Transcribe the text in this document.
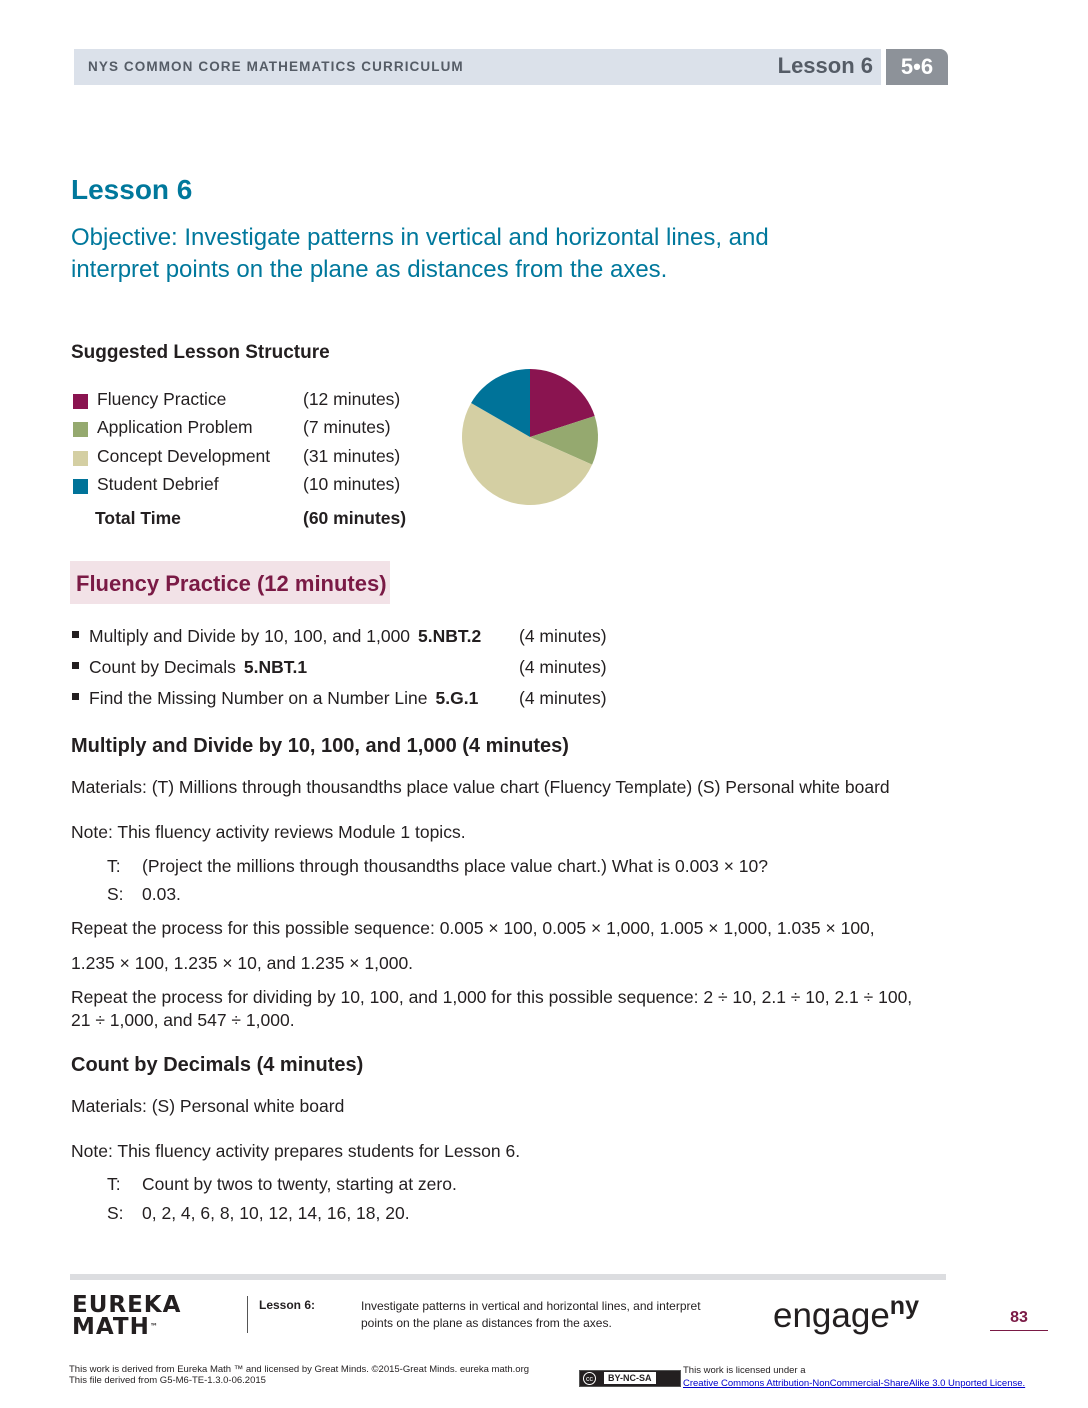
NYS COMMON CORE MATHEMATICS CURRICULUM	Lesson 6	5•6
Lesson 6
Objective: Investigate patterns in vertical and horizontal lines, and
interpret points on the plane as distances from the axes.
Suggested Lesson Structure
Fluency Practice	(12 minutes)
Application Problem	(7 minutes)
Concept Development (31 minutes)
Student Debrief	(10 minutes)
Total Time	(60 minutes)
Fluency Practice (12 minutes)
Multiply and Divide by 10, 100, and 1,000 5.NBT.2 (4 minutes)
Count by Decimals 5.NBT.1	(4 minutes)
Find the Missing Number on a Number Line 5.G.1 (4 minutes)
Multiply and Divide by 10, 100, and 1,000 (4 minutes)
Materials: (T) Millions through thousandths place value chart (Fluency Template) (S) Personal white board
Note: This fluency activity reviews Module 1 topics.
T: (Project the millions through thousandths place value chart.) What is 0.003 × 10?
S: 0.03.
Repeat the process for this possible sequence: 0.005 × 100, 0.005 × 1,000, 1.005 × 1,000, 1.035 × 100,
1.235 × 100, 1.235 × 10, and 1.235 × 1,000.
Repeat the process for dividing by 10, 100, and 1,000 for this possible sequence: 2 ÷ 10, 2.1 ÷ 10, 2.1 ÷ 100,
21 ÷ 1,000, and 547 ÷ 1,000.
Count by Decimals (4 minutes)
Materials: (S) Personal white board
Note: This fluency activity prepares students for Lesson 6.
T: Count by twos to twenty, starting at zero.
S: 0, 2, 4, 6, 8, 10, 12, 14, 16, 18, 20.
EUREKA
MATH™
Lesson 6:	Investigate patterns in vertical and horizontal lines, and interpret
points on the plane as distances from the axes.	engage$^{ny}$	83
This work is derived from Eureka Math ™ and licensed by Great Minds. ©2015-Great Minds. eureka math.org
This file derived from G5-M6-TE-1.3.0-06.2015	cc	BY-NC-SA
This work is licensed under a
Creative Commons Attribution-NonCommercial-ShareAlike 3.0 Unported License.
